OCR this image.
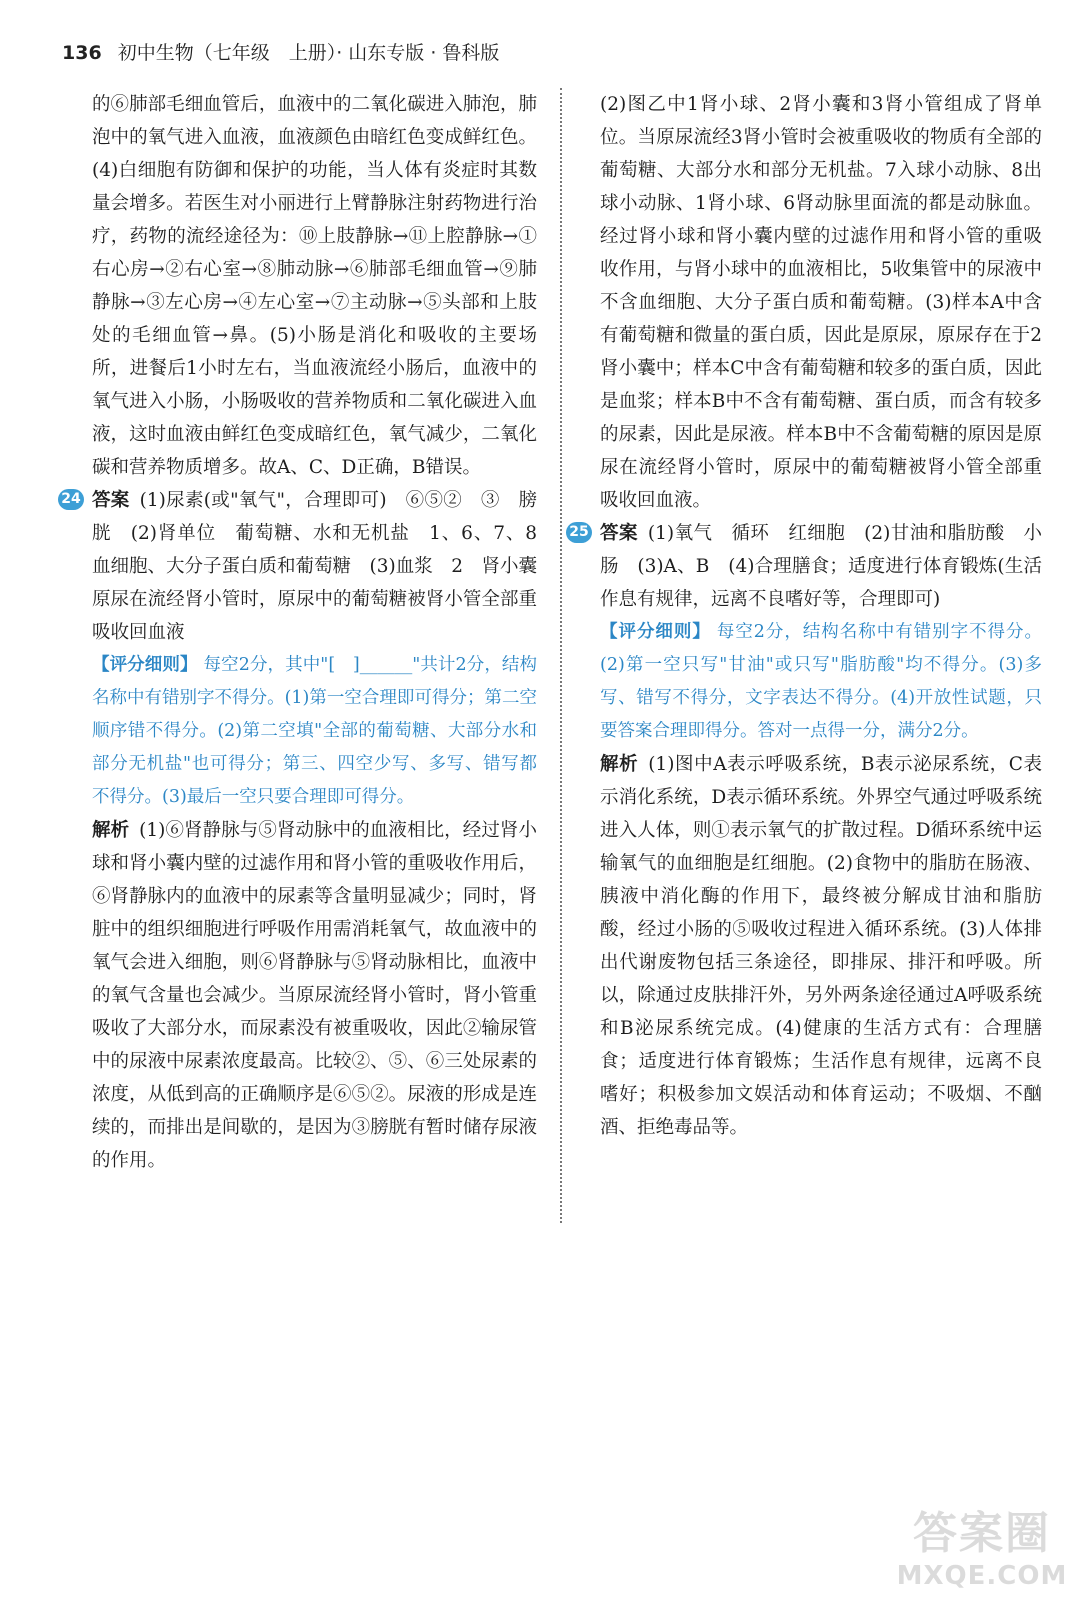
136 初中生物（七年级　上册）· 山东专版 · 鲁科版

的⑥肺部毛细血管后，血液中的二氧化碳进入肺泡，肺泡中的氧气进入血液，血液颜色由暗红色变成鲜红色。(4)白细胞有防御和保护的功能，当人体有炎症时其数量会增多。若医生对小丽进行上臂静脉注射药物进行治疗，药物的流经途径为：⑩上肢静脉→⑪上腔静脉→①右心房→②右心室→⑧肺动脉→⑥肺部毛细血管→⑨肺静脉→③左心房→④左心室→⑦主动脉→⑤头部和上肢处的毛细血管→鼻。(5)小肠是消化和吸收的主要场所，进餐后1小时左右，当血液流经小肠后，血液中的氧气进入小肠，小肠吸收的营养物质和二氧化碳进入血液，这时血液由鲜红色变成暗红色，氧气减少，二氧化碳和营养物质增多。故A、C、D正确，B错误。

24 答案 (1)尿素(或"氧气"，合理即可)　⑥⑤②　③　膀胱　(2)肾单位　葡萄糖、水和无机盐　1、6、7、8　血细胞、大分子蛋白质和葡萄糖　(3)血浆　2　肾小囊　原尿在流经肾小管时，原尿中的葡萄糖被肾小管全部重吸收回血液

【评分细则】 每空2分，其中"[　]______"共计2分，结构名称中有错别字不得分。(1)第一空合理即可得分；第二空顺序错不得分。(2)第二空填"全部的葡萄糖、大部分水和部分无机盐"也可得分；第三、四空少写、多写、错写都不得分。(3)最后一空只要合理即可得分。

解析 (1)⑥肾静脉与⑤肾动脉中的血液相比，经过肾小球和肾小囊内壁的过滤作用和肾小管的重吸收作用后，⑥肾静脉内的血液中的尿素等含量明显减少；同时，肾脏中的组织细胞进行呼吸作用需消耗氧气，故血液中的氧气会进入细胞，则⑥肾静脉与⑤肾动脉相比，血液中的氧气含量也会减少。当原尿流经肾小管时，肾小管重吸收了大部分水，而尿素没有被重吸收，因此②输尿管中的尿液中尿素浓度最高。比较②、⑤、⑥三处尿素的浓度，从低到高的正确顺序是⑥⑤②。尿液的形成是连续的，而排出是间歇的，是因为③膀胱有暂时储存尿液的作用。

(2)图乙中1肾小球、2肾小囊和3肾小管组成了肾单位。当原尿流经3肾小管时会被重吸收的物质有全部的葡萄糖、大部分水和部分无机盐。7入球小动脉、8出球小动脉、1肾小球、6肾动脉里面流的都是动脉血。经过肾小球和肾小囊内壁的过滤作用和肾小管的重吸收作用，与肾小球中的血液相比，5收集管中的尿液中不含血细胞、大分子蛋白质和葡萄糖。(3)样本A中含有葡萄糖和微量的蛋白质，因此是原尿，原尿存在于2肾小囊中；样本C中含有葡萄糖和较多的蛋白质，因此是血浆；样本B中不含有葡萄糖、蛋白质，而含有较多的尿素，因此是尿液。样本B中不含葡萄糖的原因是原尿在流经肾小管时，原尿中的葡萄糖被肾小管全部重吸收回血液。

25 答案 (1)氧气　循环　红细胞　(2)甘油和脂肪酸　小肠　(3)A、B　(4)合理膳食；适度进行体育锻炼(生活作息有规律，远离不良嗜好等，合理即可)

【评分细则】 每空2分，结构名称中有错别字不得分。(2)第一空只写"甘油"或只写"脂肪酸"均不得分。(3)多写、错写不得分，文字表达不得分。(4)开放性试题，只要答案合理即得分。答对一点得一分，满分2分。

解析 (1)图中A表示呼吸系统，B表示泌尿系统，C表示消化系统，D表示循环系统。外界空气通过呼吸系统进入人体，则①表示氧气的扩散过程。D循环系统中运输氧气的血细胞是红细胞。(2)食物中的脂肪在肠液、胰液中消化酶的作用下，最终被分解成甘油和脂肪酸，经过小肠的⑤吸收过程进入循环系统。(3)人体排出代谢废物包括三条途径，即排尿、排汗和呼吸。所以，除通过皮肤排汗外，另外两条途径通过A呼吸系统和B泌尿系统完成。(4)健康的生活方式有：合理膳食；适度进行体育锻炼；生活作息有规律，远离不良嗜好；积极参加文娱活动和体育运动；不吸烟、不酗酒、拒绝毒品等。

答案圈
MXQE.COM
